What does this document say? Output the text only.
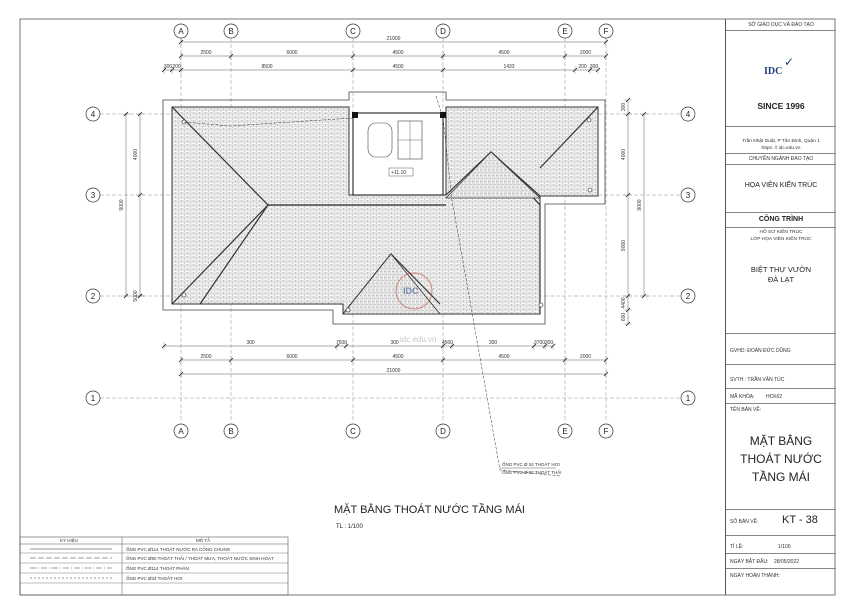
+11.10
IDC
idc.edu.vn
21000
2500	6000	4500	4500	2000
300 200	8500	4500	1433	200 300
300	7500	300	4500	300	3700 300
2500	6000	4500	4500	2000
21000
4000
5000
9000
300
4000
9000
4400
600
9000
A
A
B
B
C
C
D
D
E
E
F
F
4	4
3	3
2	2
1	1
ỐNG PVC Ø 34 THOÁT HƠI
ỐNG PVC Ø 90 THOÁT THẢI
MẶT BẰNG THOÁT NƯỚC TẦNG MÁI
TL : 1/100
KÝ HIỆU	MÔ TẢ
ỐNG PVC Ø114 THOÁT NƯỚC RA CỐNG CHUNG
ỐNG PVC Ø90 THOÁT THẢI / THOÁT MƯA, THOÁT NƯỚC SINH HOẠT
ỐNG PVC Ø114 THOÁT PHÂN
ỐNG PVC Ø34 THOÁT HƠI
SỞ GIÁO DỤC VÀ ĐÀO TẠO
IDC
✓
SINCE 1996
Trần Nhật Duật, P Tân Định, Quận 1
https: // idc.edu.vn
CHUYÊN NGÀNH ĐÀO TẠO
HỌA VIÊN KIẾN TRÚC
CÔNG TRÌNH
HỒ SƠ KIẾN TRÚC
LỚP HỌA VIÊN KIẾN TRÚC
BIỆT THỰ VƯỜN
ĐÀ LẠT
GVHD: ĐOÀN ĐỨC DŨNG
SVTH : TRẦN VĂN TÚC
MÃ KHÓA: HCK62
TÊN BẢN VẼ:
MẶT BẰNG
THOÁT NƯỚC
TẦNG MÁI
SỐ BẢN VẼ: KT - 38
TỈ LỆ:	1/100
NGÀY BẮT ĐẦU: 28/05/2022
NGÀY HOÀN THÀNH:
